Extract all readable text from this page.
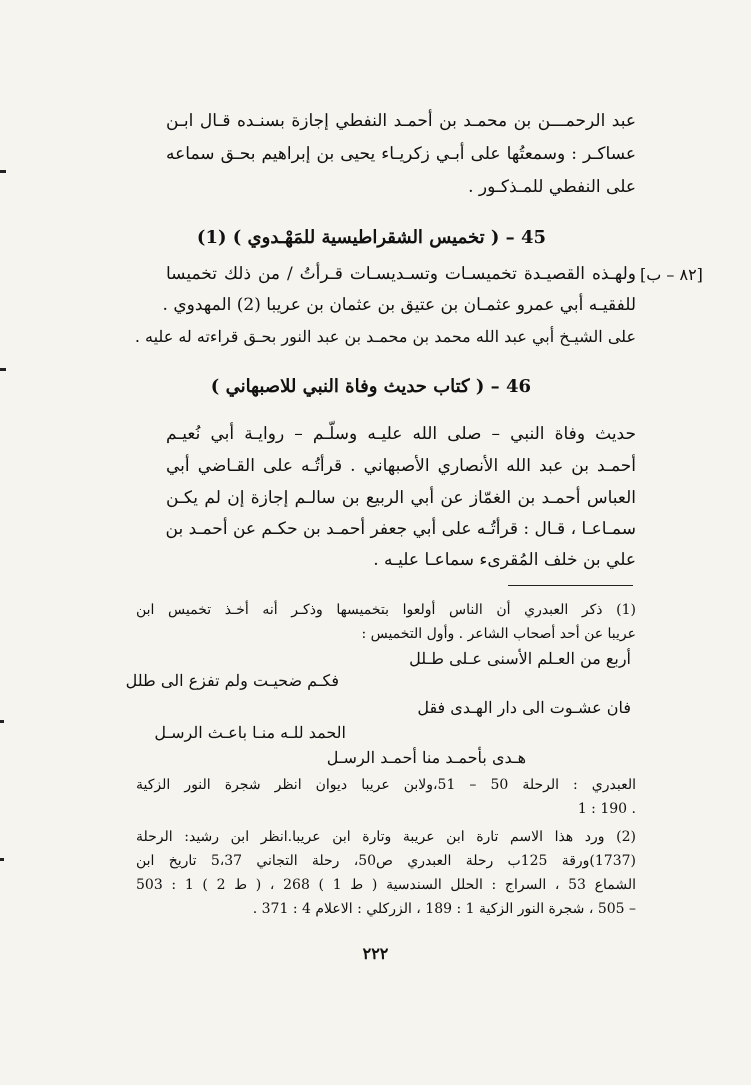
عبد الرحمـــن بن محمـد بن أحمـد النفطي إجازة بسنـده قـال ابـن
عساكـر : وسمعتُها على أبـي زكريـاء يحيى بن إبراهيم بحـق سماعه
على النفطي للمـذكـور .
45 – ( تخميس الشقراطيسية للمَهْـدوي ) (1)
[٨٢ – ب]
ولهـذه القصيـدة تخميسـات وتسـديسـات قـرأتُ / من ذلك تخميسا
للفقيـه أبي عمرو عثمـان بن عتيق بن عثمان بن عريبا (2) المهدوي .
على الشيـخ أبي عبد الله محمد بن محمـد بن عبد النور بحـق قراءته له عليه .
46 – ( كتاب حديث وفاة النبي للاصبهاني )
حديث وفاة النبي – صلى الله عليـه وسلّـم – روايـة أبي نُعيـم
أحمـد بن عبد الله الأنصاري الأصبهاني . قرأتُـه على القـاضي أبي
العباس أحمـد بن الغمّاز عن أبي الربيع بن سالـم إجازة إن لم يكـن
سمـاعـا ، قـال : قرأتُـه على أبي جعفر أحمـد بن حكـم عن أحمـد بن
علي بن خلف المُقرىء سماعـا عليـه .
(1) ذكر العبدري أن الناس أولعوا بتخميسها وذكـر أنه أخـذ تخميس ابن
عريبا عن أحد أصحاب الشاعر . وأول التخميس :
أربع من العـلم الأسنى عـلى طـلل
فكـم ضحيـت ولم تفزع الى طلل
فان عشـوت الى دار الهـدى فقل
الحمد للـه منـا باعـث الرسـل
هـدى بأحمـد منا أحمـد الرسـل
العبدري : الرحلة 50 – 51،ولابن عريبا ديوان انظر شجرة النور الزكية
. 190 : 1
(2) ورد هذا الاسم تارة ابن عريبة وتارة ابن عريبا.انظر ابن رشيد: الرحلة
(1737)ورقة 125ب رحلة العبدري ص50، رحلة التجاني 5،37 تاريخ ابن
الشماع 53 ، السراج : الحلل السندسية ( ط 1 ) 268 ، ( ط 2 ) 1 : 503
– 505 ، شجرة النور الزكية 1 : 189 ، الزركلي : الاعلام 4 : 371 .
٢٢٢
